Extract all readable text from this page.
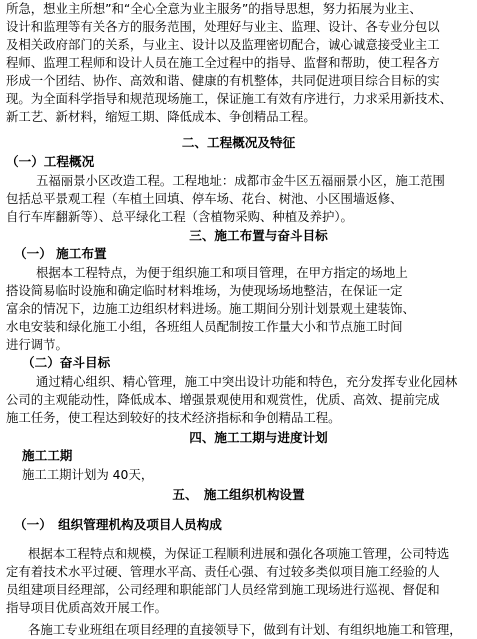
所急，想业主所想”和“全心全意为业主服务”的指导思想，努力拓展为业主、
设计和监理等有关各方的服务范围，处理好与业主、监理、设计、各专业分包以
及相关政府部门的关系，与业主、设计以及监理密切配合，诚心诚意接受业主工
程师、监理工程师和设计人员在施工全过程中的指导、监督和帮助，使工程各方
形成一个团结、协作、高效和谐、健康的有机整体，共同促进项目综合目标的实
现。为全面科学指导和规范现场施工，保证施工有效有序进行，力求采用新技术、
新工艺、新材料，缩短工期、降低成本、争创精品工程。
二、工程概况及特征
（一）工程概况
五福丽景小区改造工程。工程地址：成都市金牛区五福丽景小区，施工范围
包括总平景观工程（车植土回填、停车场、花台、树池、小区围墙返修、
自行车库翻新等）、总平绿化工程（含植物采购、种植及养护）。
三、施工布置与奋斗目标
（一） 施工布置
根据本工程特点，为便于组织施工和项目管理，在甲方指定的场地上
搭设简易临时设施和确定临时材料堆场，为使现场场地整洁，在保证一定
富余的情况下，边施工边组织材料进场。施工期间分别计划景观土建装饰、
水电安装和绿化施工小组，各班组人员配制按工作量大小和节点施工时间
进行调节。
（二）奋斗目标
通过精心组织、精心管理，施工中突出设计功能和特色，充分发挥专业化园林
公司的主观能动性，降低成本、增强景观使用和观赏性，优质、高效、提前完成
施工任务，使工程达到较好的技术经济指标和争创精品工程。
四、施工工期与进度计划
施工工期
施工工期计划为 40天，
五、　施工组织机构设置
（一）　组织管理机构及项目人员构成
根据本工程特点和规模，为保证工程顺利进展和强化各项施工管理，公司特选
定有着技术水平过硬、管理水平高、责任心强、有过较多类似项目施工经验的人
员组建项目经理部，公司经理和职能部门人员经常到施工现场进行巡视、督促和
指导项目优质高效开展工作。
各施工专业班组在项目经理的直接领导下，做到有计划、有组织地施工和管理，
